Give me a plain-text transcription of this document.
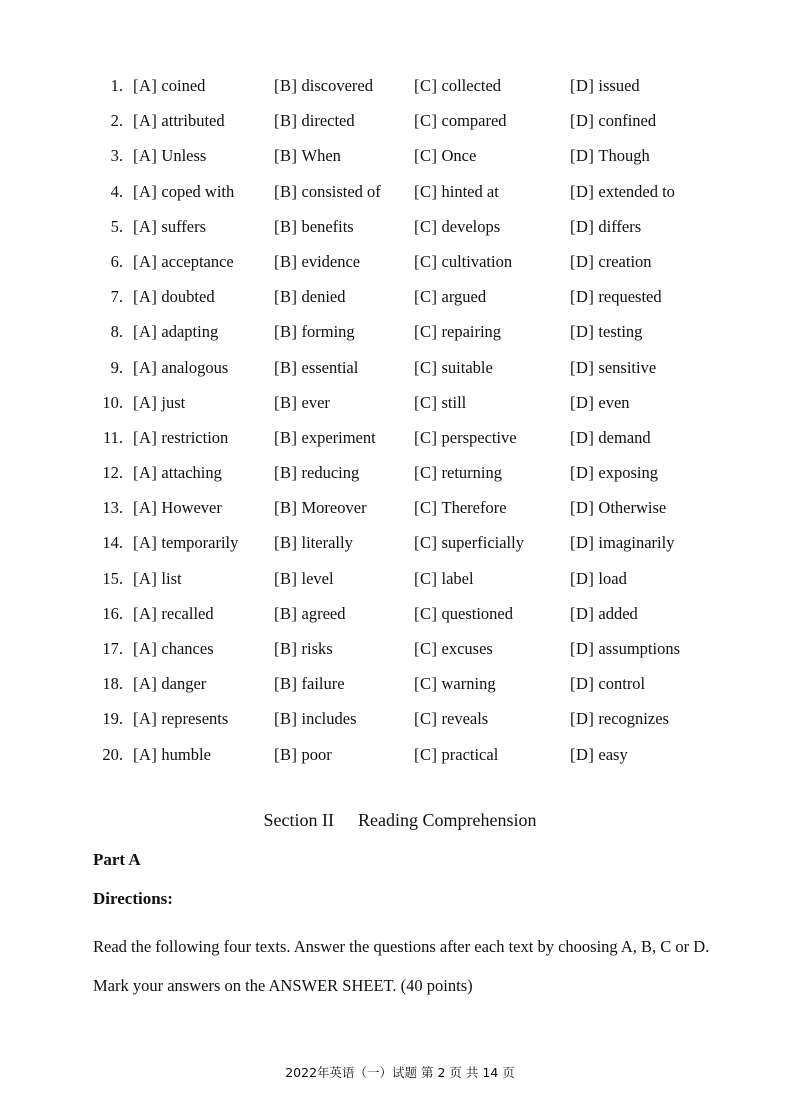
1. [A] coined	[B] discovered [C] collected	[D] issued
2. [A] attributed	[B] directed	[C] compared	[D] confined
3. [A] Unless	[B] When	[C] Once	[D] Though
4. [A] coped with [B] consisted of [C] hinted at	[D] extended to
5. [A] suffers	[B] benefits	[C] develops	[D] differs
6. [A] acceptance [B] evidence	[C] cultivation	[D] creation
7. [A] doubted	[B] denied	[C] argued	[D] requested
8. [A] adapting	[B] forming	[C] repairing	[D] testing
9. [A] analogous	[B] essential	[C] suitable	[D] sensitive
10. [A] just	[B] ever	[C] still	[D] even
11. [A] restriction	[B] experiment [C] perspective	[D] demand
12. [A] attaching	[B] reducing	[C] returning	[D] exposing
13. [A] However	[B] Moreover	[C] Therefore	[D] Otherwise
14. [A] temporarily [B] literally	[C] superficially	[D] imaginarily
15. [A] list	[B] level	[C] label	[D] load
16. [A] recalled	[B] agreed	[C] questioned	[D] added
17. [A] chances	[B] risks	[C] excuses	[D] assumptions
18. [A] danger	[B] failure	[C] warning	[D] control
19. [A] represents	[B] includes	[C] reveals	[D] recognizes
20. [A] humble	[B] poor	[C] practical	[D] easy
Section II Reading Comprehension
Part A
Directions:
Read the following four texts. Answer the questions after each text by choosing A, B, C or D. Mark your answers on the ANSWER SHEET. (40 points)
2022年英语（一）试题 第 2 页 共 14 页
